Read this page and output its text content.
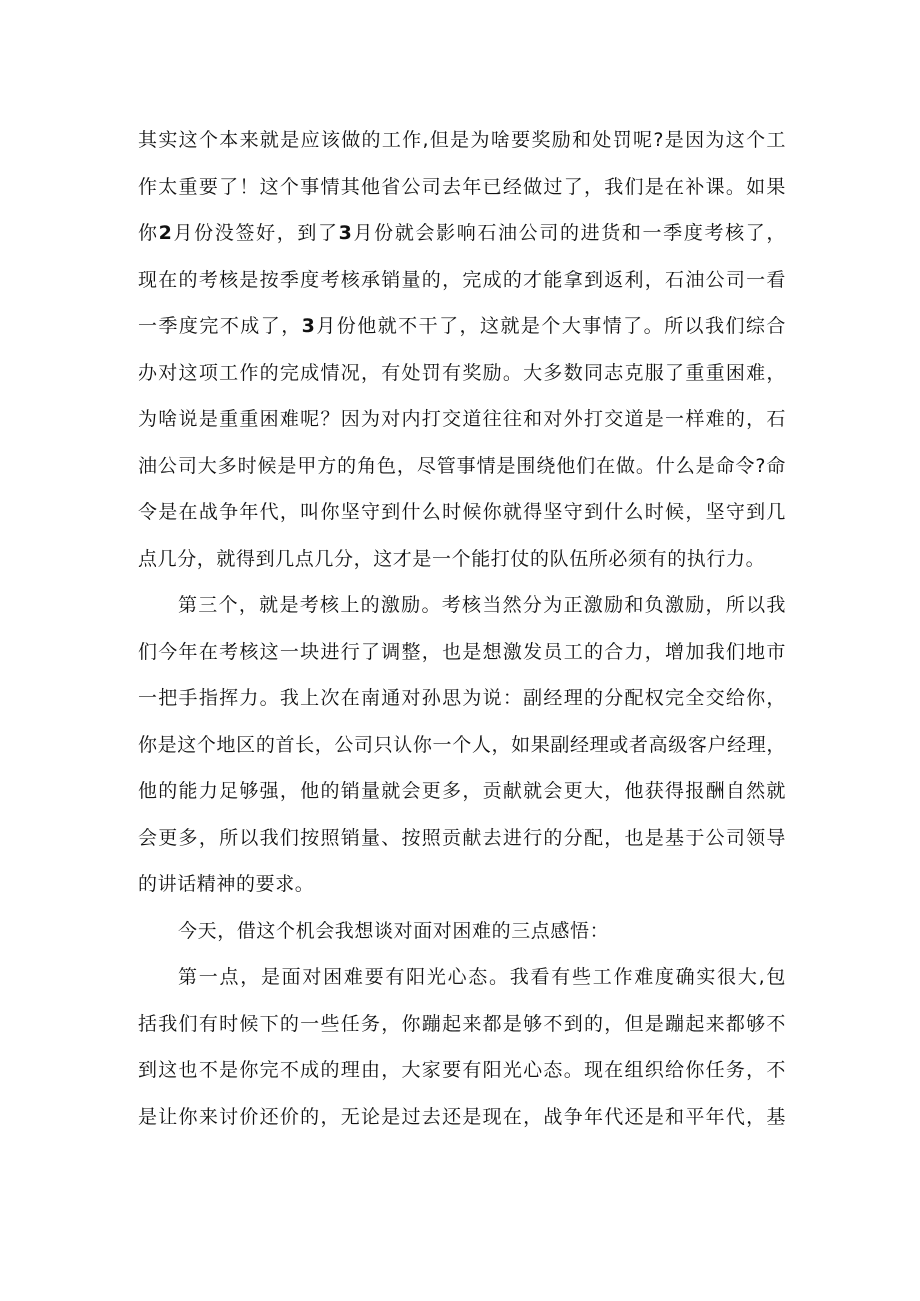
其实这个本来就是应该做的工作,但是为啥要奖励和处罚呢?是因为这个工
作太重要了！这个事情其他省公司去年已经做过了，我们是在补课。如果
你2月份没签好，到了3月份就会影响石油公司的进货和一季度考核了，
现在的考核是按季度考核承销量的，完成的才能拿到返利，石油公司一看
一季度完不成了，3月份他就不干了，这就是个大事情了。所以我们综合
办对这项工作的完成情况，有处罚有奖励。大多数同志克服了重重困难，
为啥说是重重困难呢？因为对内打交道往往和对外打交道是一样难的，石
油公司大多时候是甲方的角色，尽管事情是围绕他们在做。什么是命令?命
令是在战争年代，叫你坚守到什么时候你就得坚守到什么时候，坚守到几
点几分，就得到几点几分，这才是一个能打仗的队伍所必须有的执行力。
第三个，就是考核上的激励。考核当然分为正激励和负激励，所以我
们今年在考核这一块进行了调整，也是想激发员工的合力，增加我们地市
一把手指挥力。我上次在南通对孙思为说：副经理的分配权完全交给你，
你是这个地区的首长，公司只认你一个人，如果副经理或者高级客户经理，
他的能力足够强，他的销量就会更多，贡献就会更大，他获得报酬自然就
会更多，所以我们按照销量、按照贡献去进行的分配，也是基于公司领导
的讲话精神的要求。
今天，借这个机会我想谈对面对困难的三点感悟：
第一点，是面对困难要有阳光心态。我看有些工作难度确实很大,包
括我们有时候下的一些任务，你蹦起来都是够不到的，但是蹦起来都够不
到这也不是你完不成的理由，大家要有阳光心态。现在组织给你任务，不
是让你来讨价还价的，无论是过去还是现在，战争年代还是和平年代，基
